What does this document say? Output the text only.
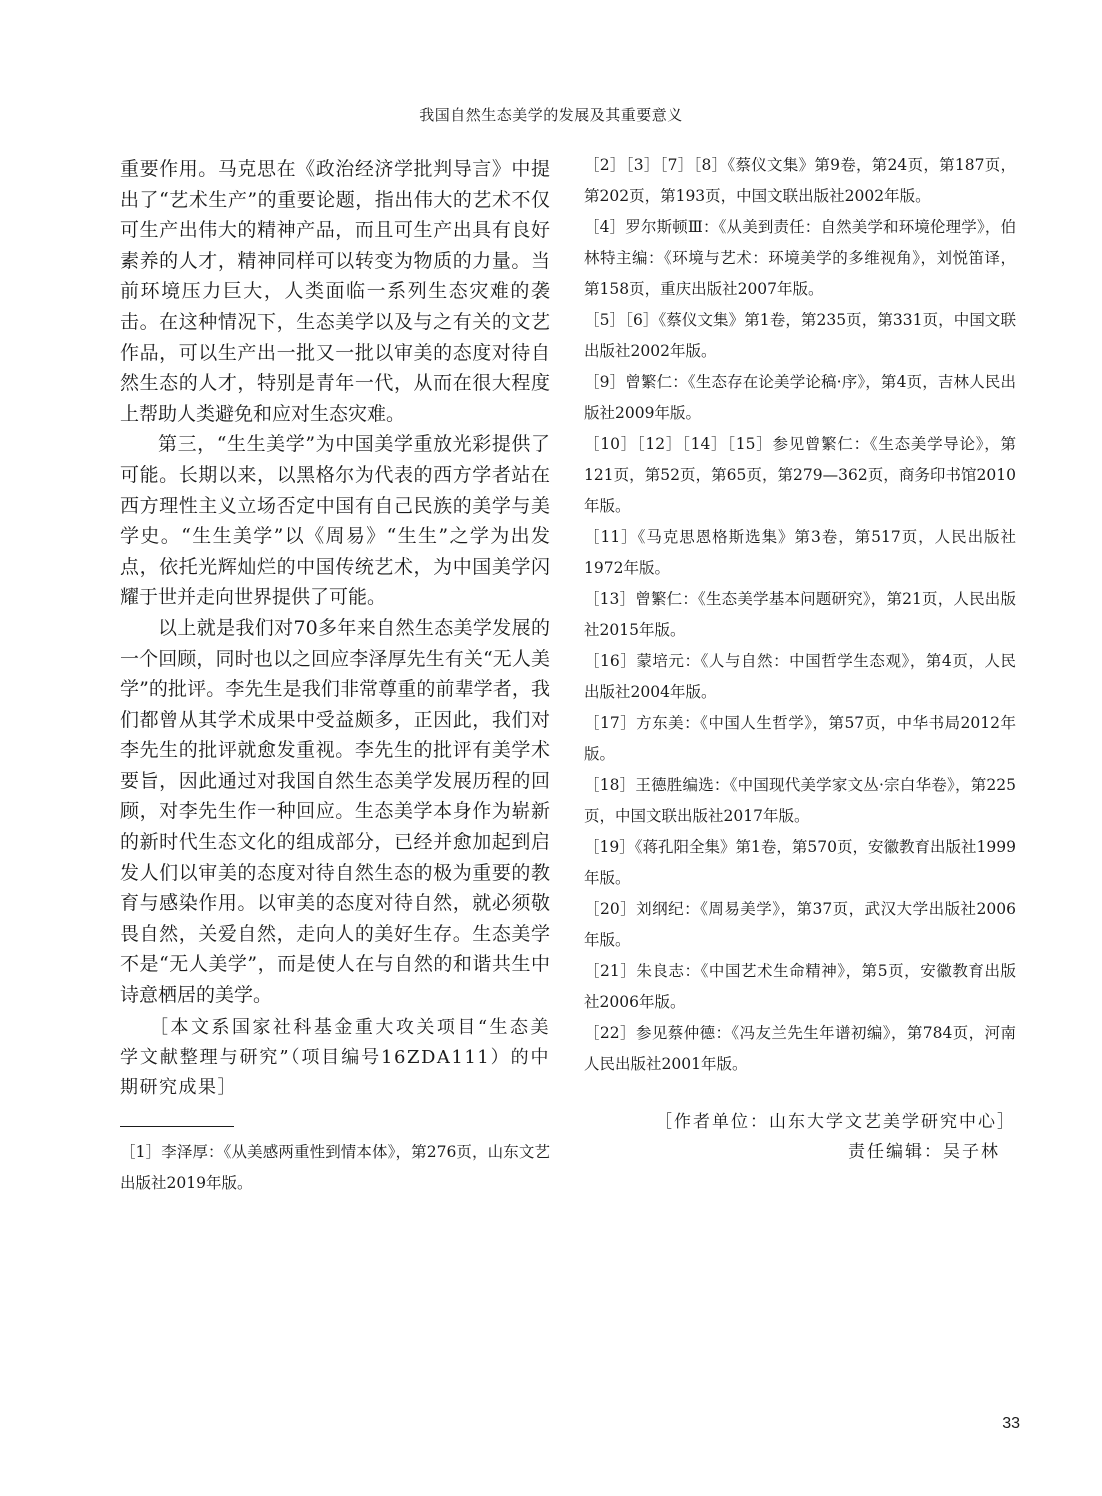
我国自然生态美学的发展及其重要意义

重要作用。马克思在《政治经济学批判导言》中提出了“艺术生产”的重要论题，指出伟大的艺术不仅可生产出伟大的精神产品，而且可生产出具有良好素养的人才，精神同样可以转变为物质的力量。当前环境压力巨大，人类面临一系列生态灾难的袭击。在这种情况下，生态美学以及与之有关的文艺作品，可以生产出一批又一批以审美的态度对待自然生态的人才，特别是青年一代，从而在很大程度上帮助人类避免和应对生态灾难。

第三，“生生美学”为中国美学重放光彩提供了可能。长期以来，以黑格尔为代表的西方学者站在西方理性主义立场否定中国有自己民族的美学与美学史。“生生美学”以《周易》“生生”之学为出发点，依托光辉灿烂的中国传统艺术，为中国美学闪耀于世并走向世界提供了可能。

以上就是我们对70多年来自然生态美学发展的一个回顾，同时也以之回应李泽厚先生有关“无人美学”的批评。李先生是我们非常尊重的前辈学者，我们都曾从其学术成果中受益颇多，正因此，我们对李先生的批评就愈发重视。李先生的批评有美学术要旨，因此通过对我国自然生态美学发展历程的回顾，对李先生作一种回应。生态美学本身作为崭新的新时代生态文化的组成部分，已经并愈加起到启发人们以审美的态度对待自然生态的极为重要的教育与感染作用。以审美的态度对待自然，就必须敬畏自然，关爱自然，走向人的美好生存。生态美学不是“无人美学”，而是使人在与自然的和谐共生中诗意栖居的美学。

［本文系国家社科基金重大攻关项目“生态美学文献整理与研究”（项目编号16ZDA111）的中期研究成果］

［1］李泽厚：《从美感两重性到情本体》，第276页，山东文艺出版社2019年版。

［2］［3］［7］［8］《蔡仪文集》第9卷，第24页，第187页，第202页，第193页，中国文联出版社2002年版。

［4］罗尔斯顿Ⅲ：《从美到责任：自然美学和环境伦理学》，伯林特主编：《环境与艺术：环境美学的多维视角》，刘悦笛译，第158页，重庆出版社2007年版。

［5］［6］《蔡仪文集》第1卷，第235页，第331页，中国文联出版社2002年版。

［9］曾繁仁：《生态存在论美学论稿·序》，第4页，吉林人民出版社2009年版。

［10］［12］［14］［15］参见曾繁仁：《生态美学导论》，第121页，第52页，第65页，第279—362页，商务印书馆2010年版。

［11］《马克思恩格斯选集》第3卷，第517页，人民出版社1972年版。

［13］曾繁仁：《生态美学基本问题研究》，第21页，人民出版社2015年版。

［16］蒙培元：《人与自然：中国哲学生态观》，第4页，人民出版社2004年版。

［17］方东美：《中国人生哲学》，第57页，中华书局2012年版。

［18］王德胜编选：《中国现代美学家文丛·宗白华卷》，第225页，中国文联出版社2017年版。

［19］《蒋孔阳全集》第1卷，第570页，安徽教育出版社1999年版。

［20］刘纲纪：《周易美学》，第37页，武汉大学出版社2006年版。

［21］朱良志：《中国艺术生命精神》，第5页，安徽教育出版社2006年版。

［22］参见蔡仲德：《冯友兰先生年谱初编》，第784页，河南人民出版社2001年版。

［作者单位：山东大学文艺美学研究中心］
责任编辑：吴子林
33
